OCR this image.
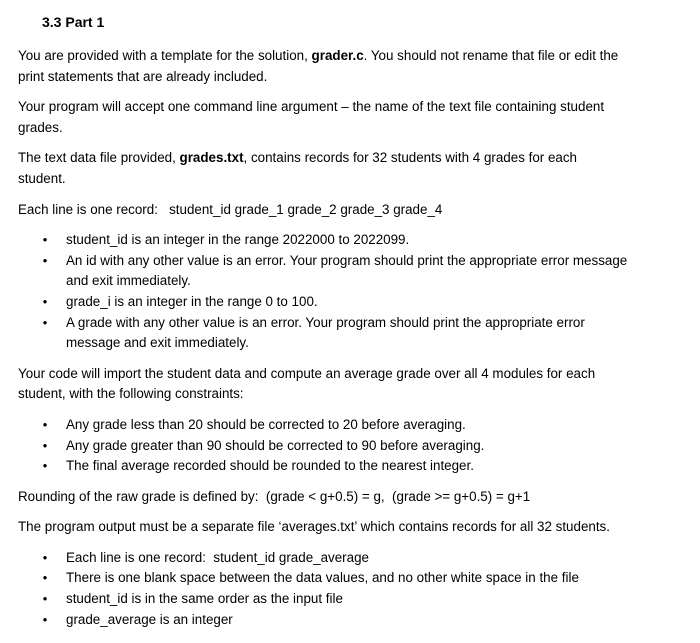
3.3 Part 1

You are provided with a template for the solution, grader.c. You should not rename that file or edit the print statements that are already included.

Your program will accept one command line argument – the name of the text file containing student grades.

The text data file provided, grades.txt, contains records for 32 students with 4 grades for each student.

Each line is one record:   student_id grade_1 grade_2 grade_3 grade_4

• student_id is an integer in the range 2022000 to 2022099.
• An id with any other value is an error. Your program should print the appropriate error message and exit immediately.
• grade_i is an integer in the range 0 to 100.
• A grade with any other value is an error. Your program should print the appropriate error message and exit immediately.

Your code will import the student data and compute an average grade over all 4 modules for each student, with the following constraints:

• Any grade less than 20 should be corrected to 20 before averaging.
• Any grade greater than 90 should be corrected to 90 before averaging.
• The final average recorded should be rounded to the nearest integer.

Rounding of the raw grade is defined by:  (grade < g+0.5) = g,  (grade >= g+0.5) = g+1

The program output must be a separate file ‘averages.txt’ which contains records for all 32 students.

• Each line is one record:  student_id grade_average
• There is one blank space between the data values, and no other white space in the file
• student_id is in the same order as the input file
• grade_average is an integer
